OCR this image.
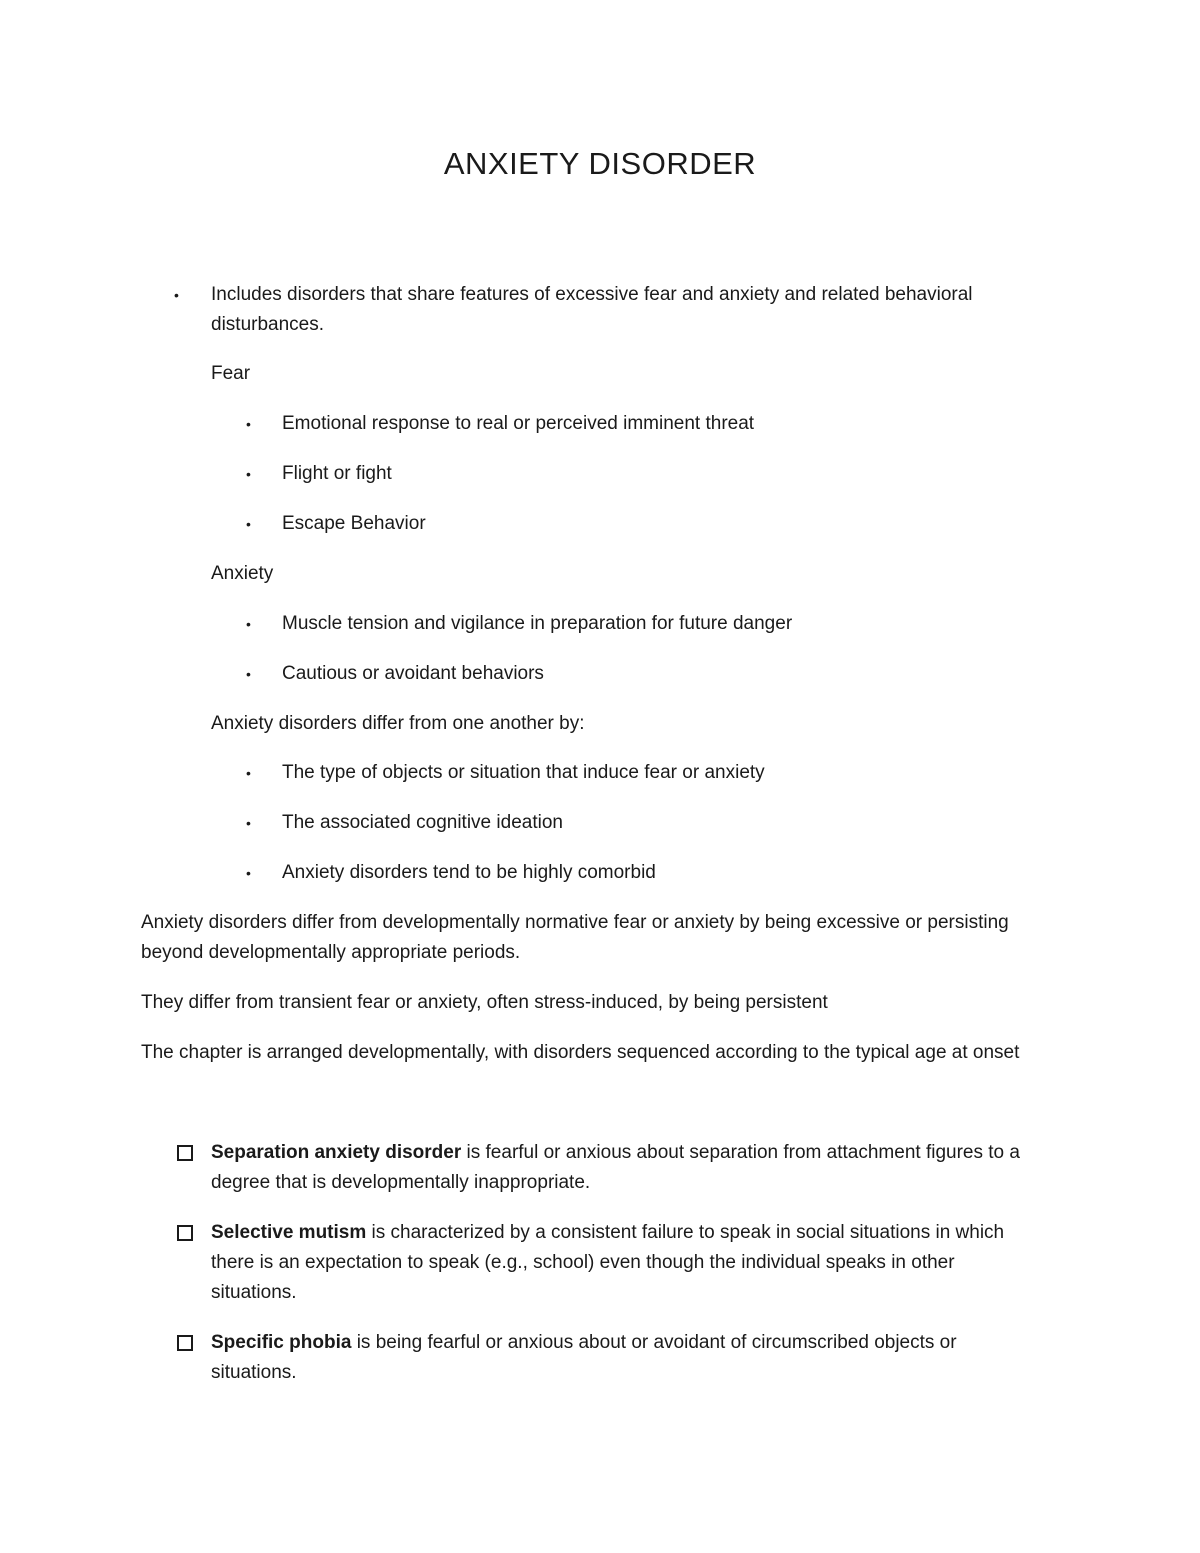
ANXIETY DISORDER
• Includes disorders that share features of excessive fear and anxiety and related behavioral
disturbances.
Fear
• Emotional response to real or perceived imminent threat
• Flight or fight
• Escape Behavior
Anxiety
• Muscle tension and vigilance in preparation for future danger
• Cautious or avoidant behaviors
Anxiety disorders differ from one another by:
• The type of objects or situation that induce fear or anxiety
• The associated cognitive ideation
• Anxiety disorders tend to be highly comorbid
Anxiety disorders differ from developmentally normative fear or anxiety by being excessive or persisting
beyond developmentally appropriate periods.
They differ from transient fear or anxiety, often stress-induced, by being persistent
The chapter is arranged developmentally, with disorders sequenced according to the typical age at onset
Separation anxiety disorder is fearful or anxious about separation from attachment figures to a
degree that is developmentally inappropriate.
Selective mutism is characterized by a consistent failure to speak in social situations in which
there is an expectation to speak (e.g., school) even though the individual speaks in other
situations.
Specific phobia is being fearful or anxious about or avoidant of circumscribed objects or
situations.
